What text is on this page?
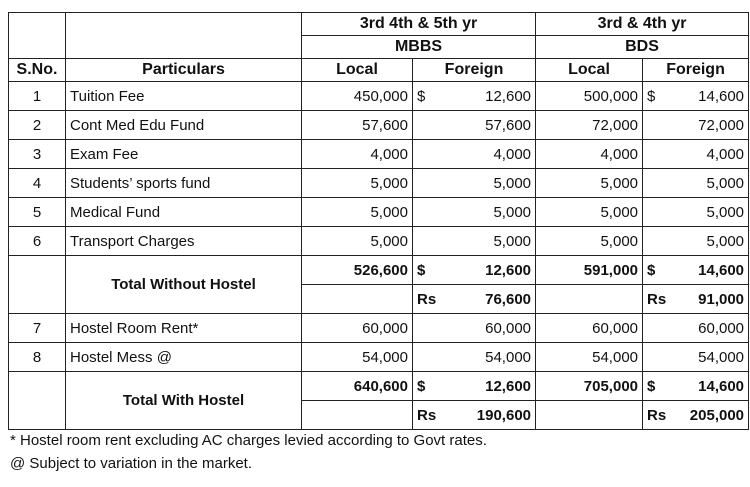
		3rd 4th & 5th yr		3rd & 4th yr	
		MBBS		BDS	
S.No.	Particulars	Local	Foreign	Local	Foreign
1	Tuition Fee	450,000	$ 12,600	500,000	$ 14,600

2	Cont Med Edu Fund	57,600	57,600	72,000	72,000
3	Exam Fee	4,000	4,000	4,000	4,000
4	Students’ sports fund	5,000	5,000	5,000	5,000
5	Medical Fund	5,000	5,000	5,000	5,000
6	Transport Charges	5,000	5,000	5,000	5,000
	Total Without Hostel	526,600	$ 12,600	591,000	$ 14,600

			Rs 76,600		Rs 91,000

7	Hostel Room Rent*	60,000	60,000	60,000	60,000
8	Hostel Mess @	54,000	54,000	54,000	54,000
	Total With Hostel	640,600	$ 12,600	705,000	$ 14,600

			Rs 190,600		Rs 205,000
* Hostel room rent excluding AC charges levied according to Govt rates.
@ Subject to variation in the market.
